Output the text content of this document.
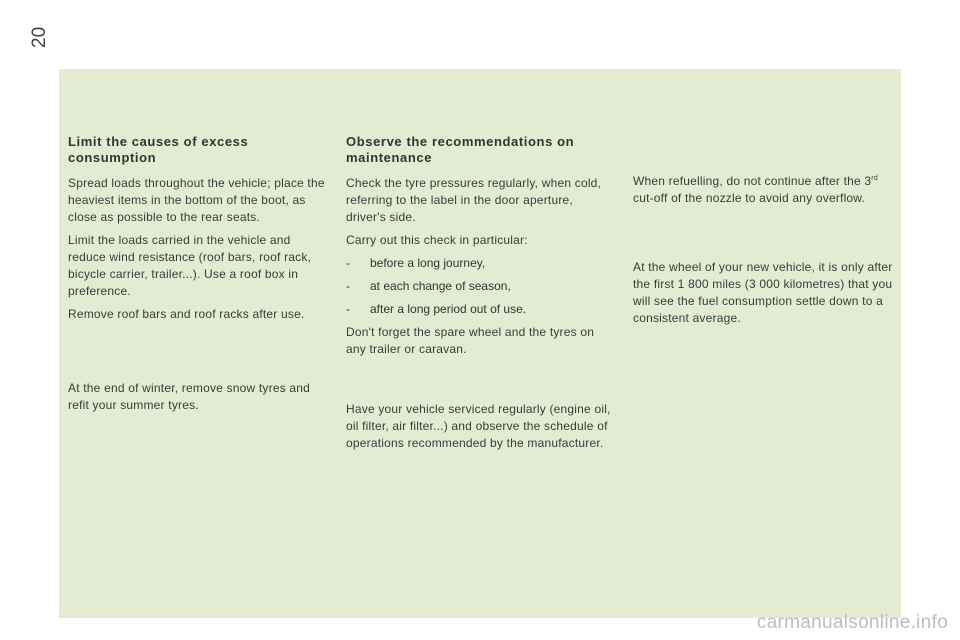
20
Limit the causes of excess consumption

Spread loads throughout the vehicle; place the heaviest items in the bottom of the boot, as close as possible to the rear seats.

Limit the loads carried in the vehicle and reduce wind resistance (roof bars, roof rack, bicycle carrier, trailer...). Use a roof box in preference.

Remove roof bars and roof racks after use.

At the end of winter, remove snow tyres and refit your summer tyres.

Observe the recommendations on maintenance

Check the tyre pressures regularly, when cold, referring to the label in the door aperture, driver's side.

Carry out this check in particular:

-	before a long journey,
-	at each change of season,
-	after a long period out of use.

Don't forget the spare wheel and the tyres on any trailer or caravan.

Have your vehicle serviced regularly (engine oil, oil filter, air filter...) and observe the schedule of operations recommended by the manufacturer.

When refuelling, do not continue after the 3rd cut-off of the nozzle to avoid any overflow.

At the wheel of your new vehicle, it is only after the first 1 800 miles (3 000 kilometres) that you will see the fuel consumption settle down to a consistent average.

carmanualsonline.info
